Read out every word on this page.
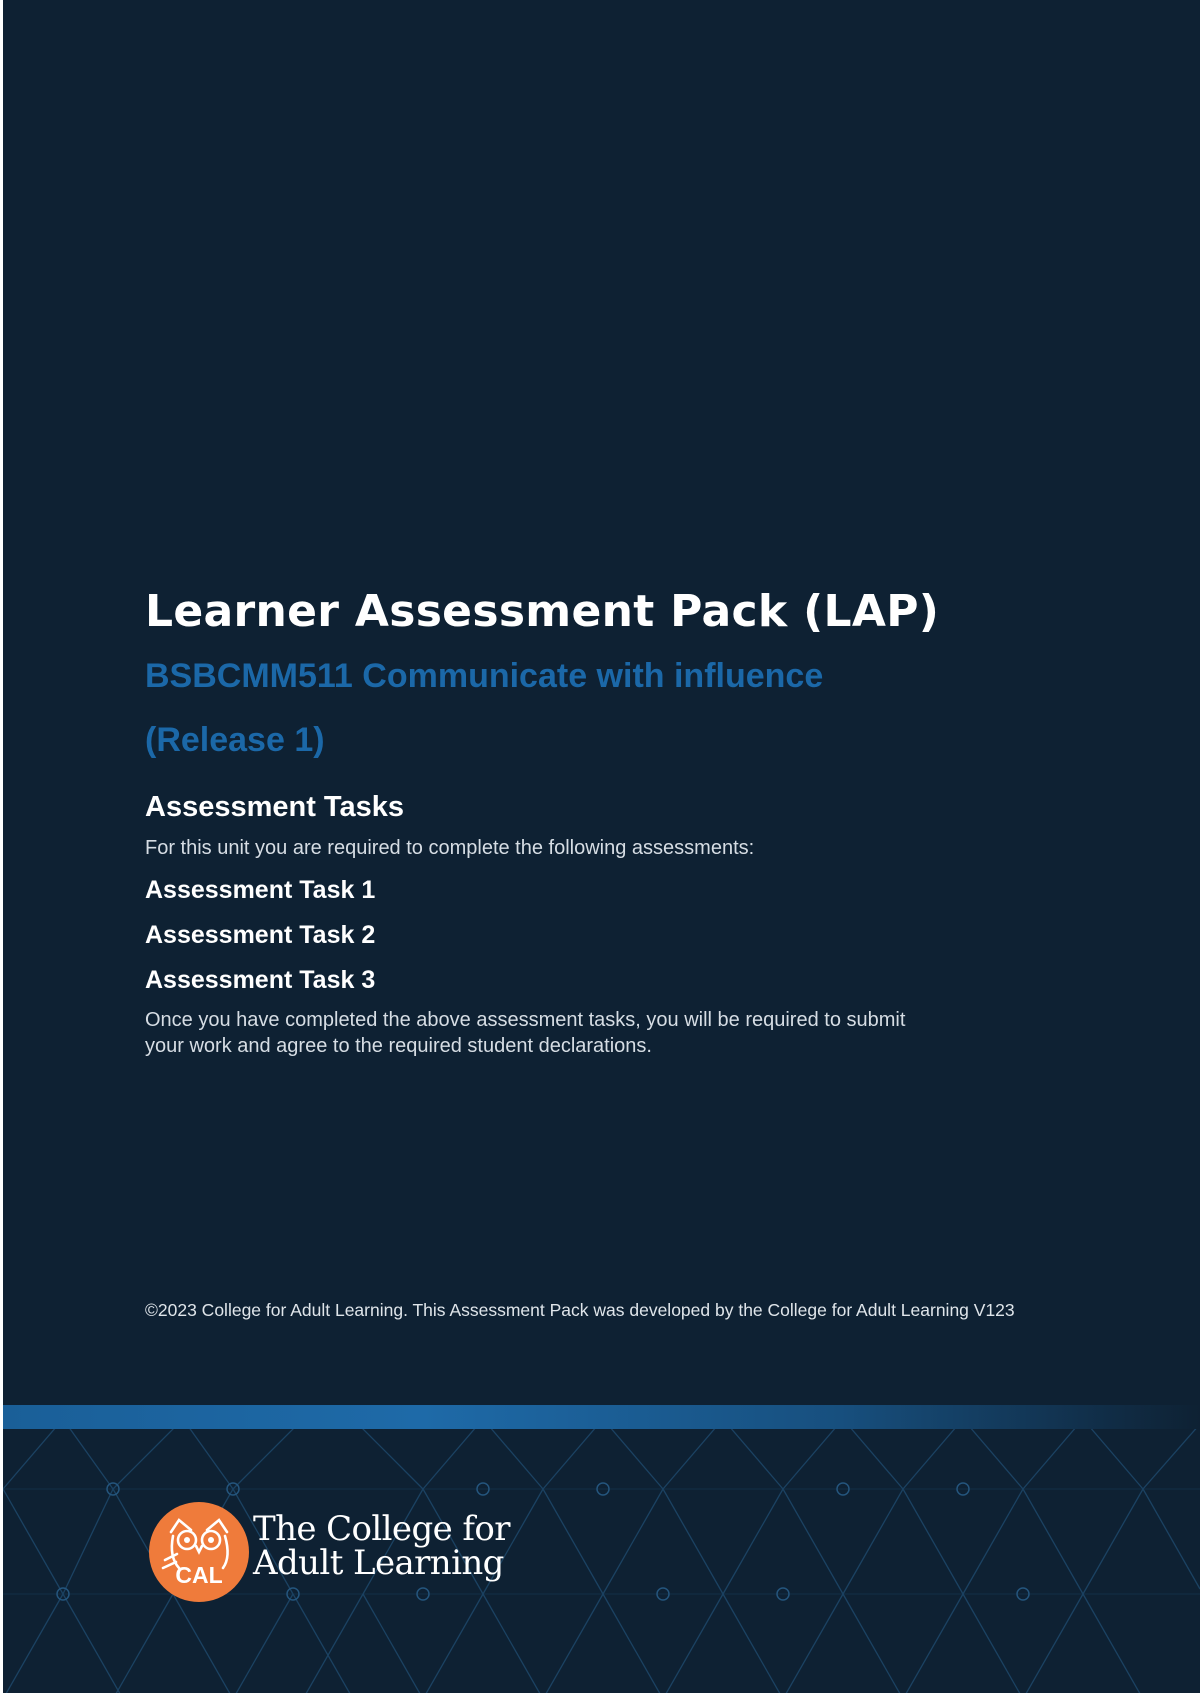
Learner Assessment Pack (LAP)
BSBCMM511 Communicate with influence
(Release 1)
Assessment Tasks
For this unit you are required to complete the following assessments:
Assessment Task 1
Assessment Task 2
Assessment Task 3
Once you have completed the above assessment tasks, you will be required to submit your work and agree to the required student declarations.
©2023 College for Adult Learning. This Assessment Pack was developed by the College for Adult Learning V123
CAL
The College for
Adult Learning
